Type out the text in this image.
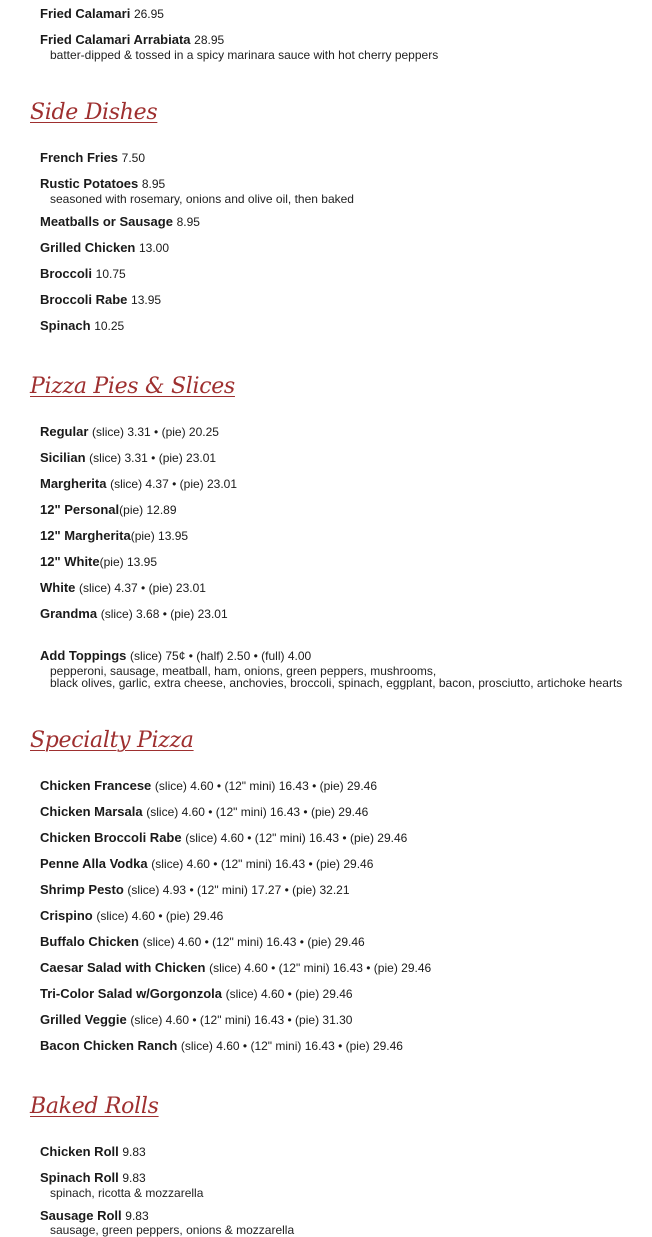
Fried Calamari 26.95
Fried Calamari Arrabiata 28.95
batter-dipped & tossed in a spicy marinara sauce with hot cherry peppers
Side Dishes
French Fries 7.50
Rustic Potatoes 8.95
seasoned with rosemary, onions and olive oil, then baked
Meatballs or Sausage 8.95
Grilled Chicken 13.00
Broccoli 10.75
Broccoli Rabe 13.95
Spinach 10.25
Pizza Pies & Slices
Regular (slice) 3.31 • (pie) 20.25
Sicilian (slice) 3.31 • (pie) 23.01
Margherita (slice) 4.37 • (pie) 23.01
12" Personal(pie) 12.89
12" Margherita(pie) 13.95
12" White(pie) 13.95
White (slice) 4.37 • (pie) 23.01
Grandma (slice) 3.68 • (pie) 23.01
Add Toppings (slice) 75¢ • (half) 2.50 • (full) 4.00
pepperoni, sausage, meatball, ham, onions, green peppers, mushrooms,
black olives, garlic, extra cheese, anchovies, broccoli, spinach, eggplant, bacon, prosciutto, artichoke hearts
Specialty Pizza
Chicken Francese (slice) 4.60 • (12" mini) 16.43 • (pie) 29.46
Chicken Marsala (slice) 4.60 • (12" mini) 16.43 • (pie) 29.46
Chicken Broccoli Rabe (slice) 4.60 • (12" mini) 16.43 • (pie) 29.46
Penne Alla Vodka (slice) 4.60 • (12" mini) 16.43 • (pie) 29.46
Shrimp Pesto (slice) 4.93 • (12" mini) 17.27 • (pie) 32.21
Crispino (slice) 4.60 • (pie) 29.46
Buffalo Chicken (slice) 4.60 • (12" mini) 16.43 • (pie) 29.46
Caesar Salad with Chicken (slice) 4.60 • (12" mini) 16.43 • (pie) 29.46
Tri-Color Salad w/Gorgonzola (slice) 4.60 • (pie) 29.46
Grilled Veggie (slice) 4.60 • (12" mini) 16.43 • (pie) 31.30
Bacon Chicken Ranch (slice) 4.60 • (12" mini) 16.43 • (pie) 29.46
Baked Rolls
Chicken Roll 9.83
Spinach Roll 9.83
spinach, ricotta & mozzarella
Sausage Roll 9.83
sausage, green peppers, onions & mozzarella
